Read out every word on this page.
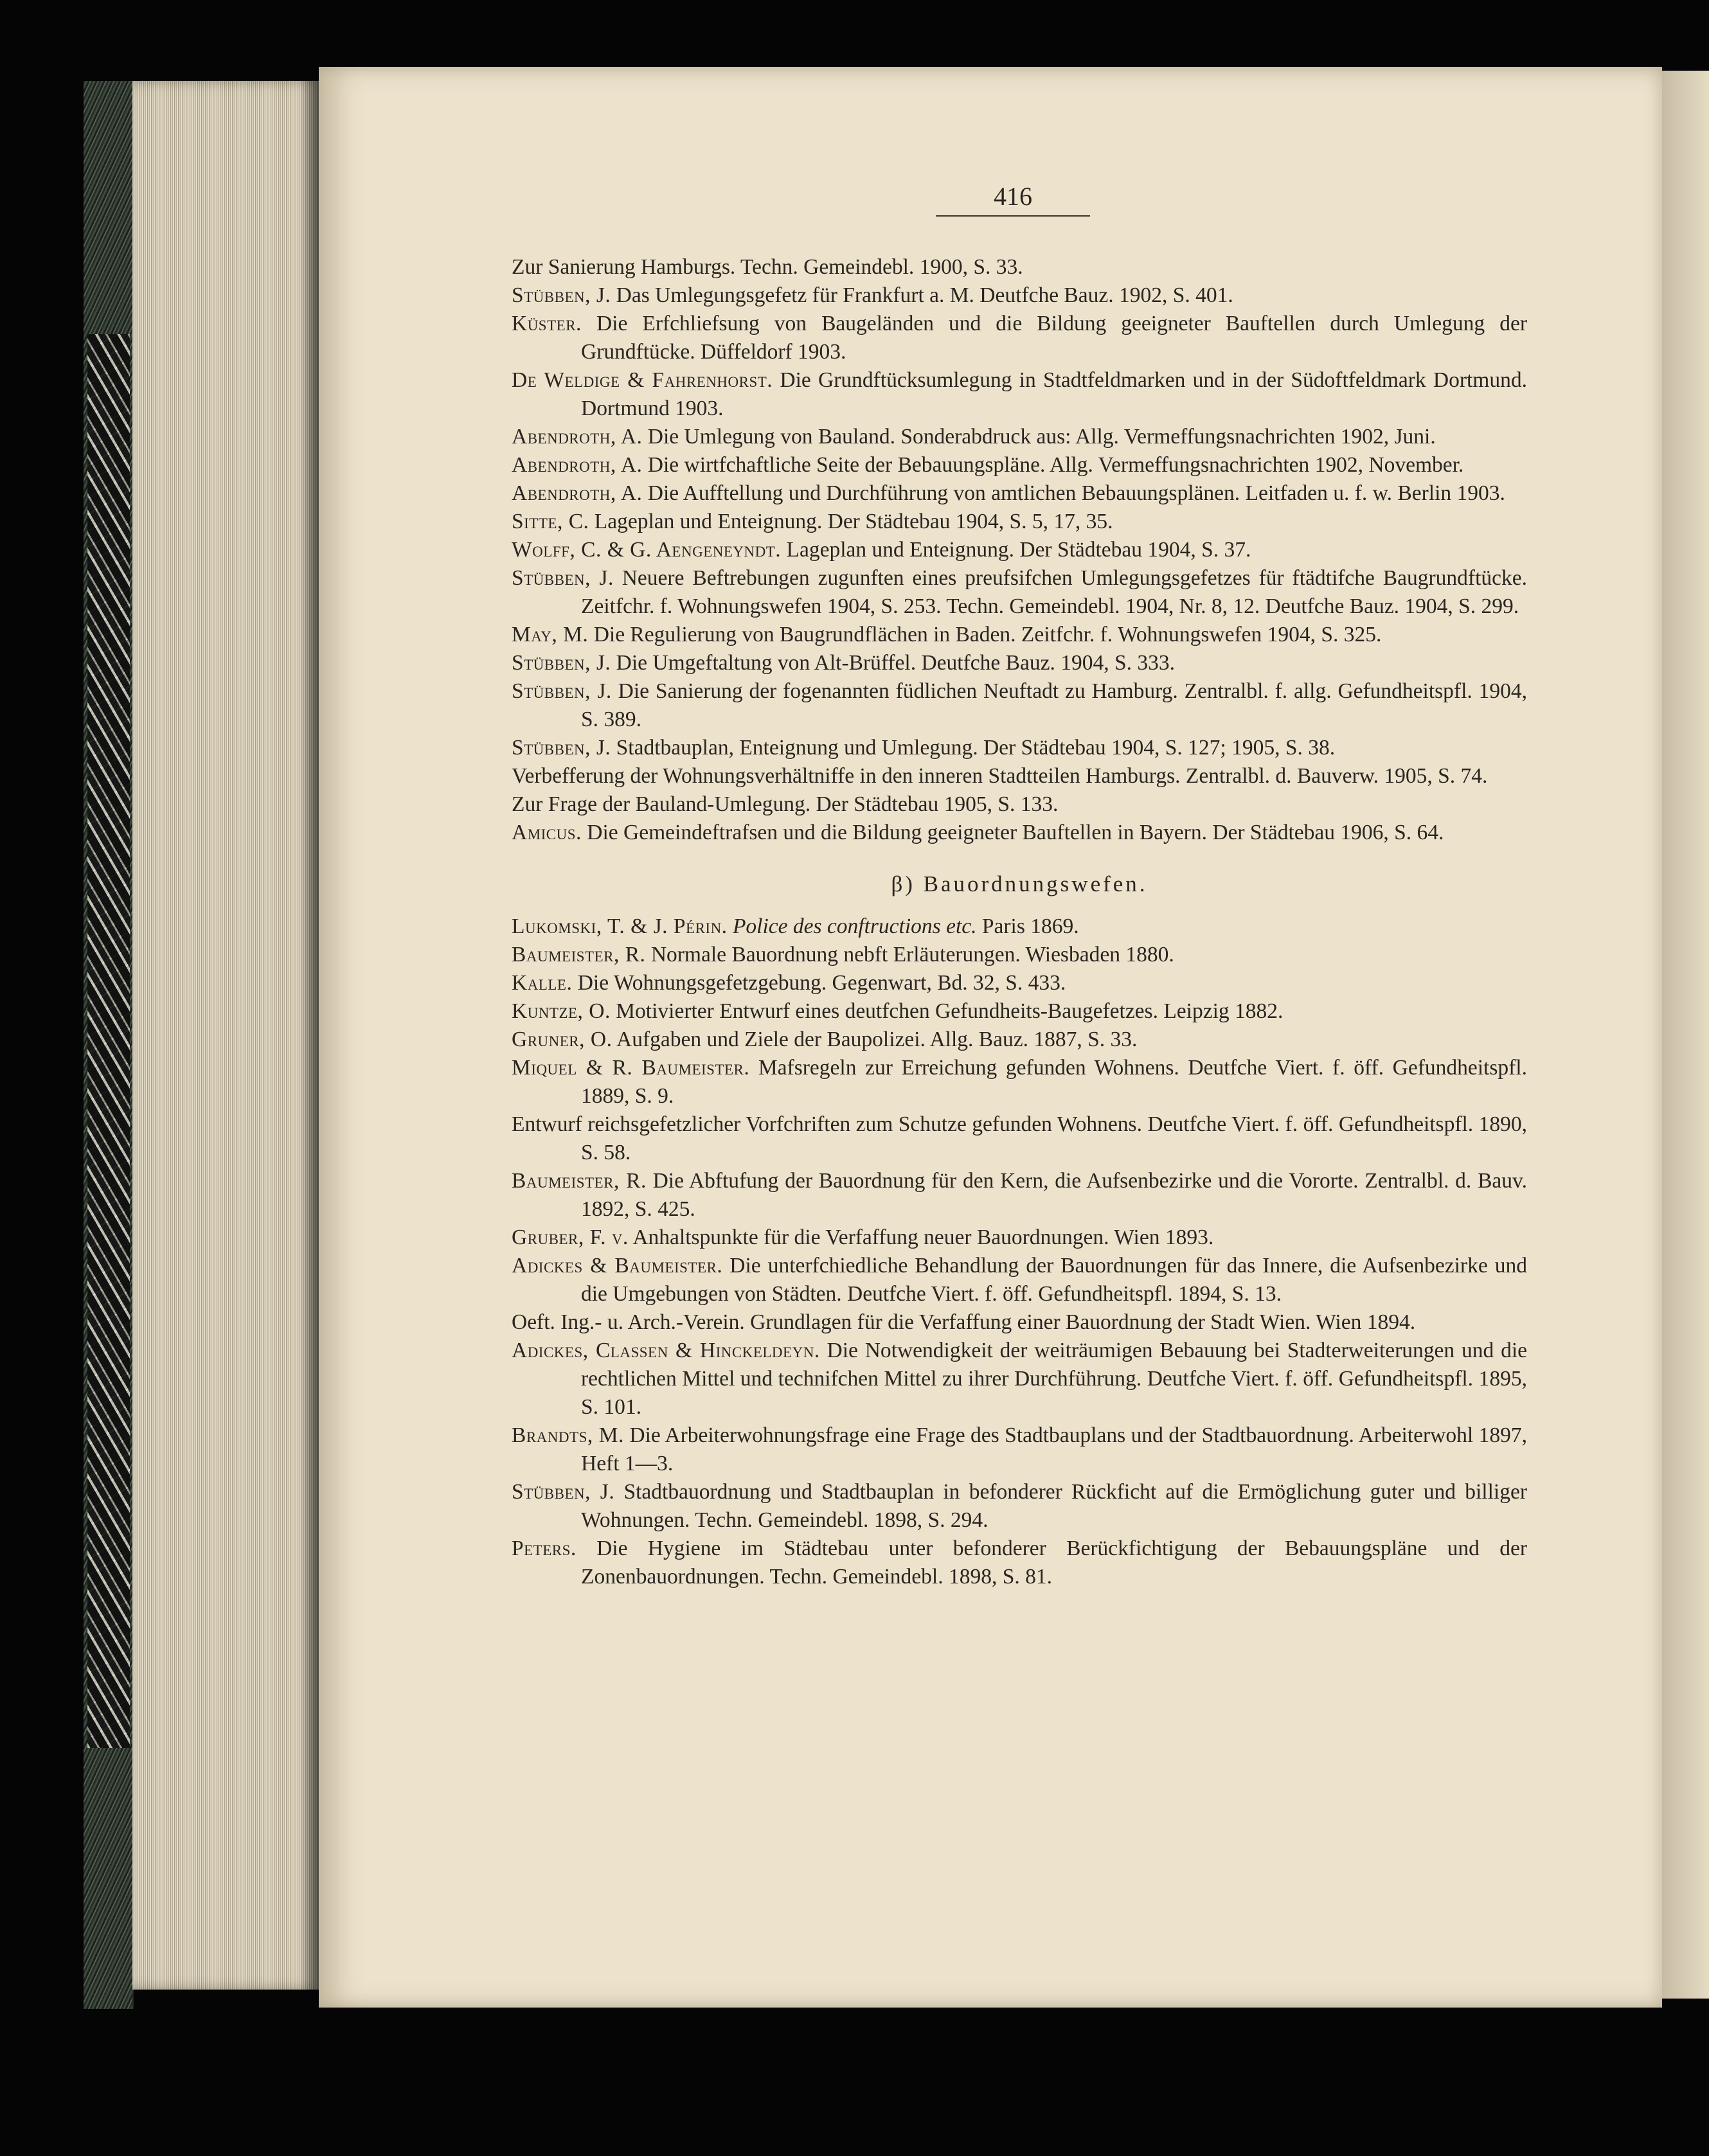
416
Zur Sanierung Hamburgs. Techn. Gemeindebl. 1900, S. 33.
Stübben, J. Das Umlegungsgefetz für Frankfurt a. M. Deutfche Bauz. 1902, S. 401.
Küster. Die Erfchliefsung von Baugeländen und die Bildung geeigneter Bauftellen durch Umlegung der Grundftücke. Düffeldorf 1903.
De Weldige & Fahrenhorst. Die Grundftücksumlegung in Stadtfeldmarken und in der Südoftfeldmark Dortmund. Dortmund 1903.
Abendroth, A. Die Umlegung von Bauland. Sonderabdruck aus: Allg. Vermeffungsnachrichten 1902, Juni.
Abendroth, A. Die wirtfchaftliche Seite der Bebauungspläne. Allg. Vermeffungsnachrichten 1902, November.
Abendroth, A. Die Aufftellung und Durchführung von amtlichen Bebauungsplänen. Leitfaden u. f. w. Berlin 1903.
Sitte, C. Lageplan und Enteignung. Der Städtebau 1904, S. 5, 17, 35.
Wolff, C. & G. Aengeneyndt. Lageplan und Enteignung. Der Städtebau 1904, S. 37.
Stübben, J. Neuere Beftrebungen zugunften eines preufsifchen Umlegungsgefetzes für ftädtifche Baugrundftücke. Zeitfchr. f. Wohnungswefen 1904, S. 253. Techn. Gemeindebl. 1904, Nr. 8, 12. Deutfche Bauz. 1904, S. 299.
May, M. Die Regulierung von Baugrundflächen in Baden. Zeitfchr. f. Wohnungswefen 1904, S. 325.
Stübben, J. Die Umgeftaltung von Alt-Brüffel. Deutfche Bauz. 1904, S. 333.
Stübben, J. Die Sanierung der fogenannten füdlichen Neuftadt zu Hamburg. Zentralbl. f. allg. Gefundheitspfl. 1904, S. 389.
Stübben, J. Stadtbauplan, Enteignung und Umlegung. Der Städtebau 1904, S. 127; 1905, S. 38.
Verbefferung der Wohnungsverhältniffe in den inneren Stadtteilen Hamburgs. Zentralbl. d. Bauverw. 1905, S. 74.
Zur Frage der Bauland-Umlegung. Der Städtebau 1905, S. 133.
Amicus. Die Gemeindeftrafsen und die Bildung geeigneter Bauftellen in Bayern. Der Städtebau 1906, S. 64.
β) Bauordnungswefen.
Lukomski, T. & J. Périn. Police des conftructions etc. Paris 1869.
Baumeister, R. Normale Bauordnung nebft Erläuterungen. Wiesbaden 1880.
Kalle. Die Wohnungsgefetzgebung. Gegenwart, Bd. 32, S. 433.
Kuntze, O. Motivierter Entwurf eines deutfchen Gefundheits-Baugefetzes. Leipzig 1882.
Gruner, O. Aufgaben und Ziele der Baupolizei. Allg. Bauz. 1887, S. 33.
Miquel & R. Baumeister. Mafsregeln zur Erreichung gefunden Wohnens. Deutfche Viert. f. öff. Gefundheitspfl. 1889, S. 9.
Entwurf reichsgefetzlicher Vorfchriften zum Schutze gefunden Wohnens. Deutfche Viert. f. öff. Gefundheitspfl. 1890, S. 58.
Baumeister, R. Die Abftufung der Bauordnung für den Kern, die Aufsenbezirke und die Vororte. Zentralbl. d. Bauv. 1892, S. 425.
Gruber, F. v. Anhaltspunkte für die Verfaffung neuer Bauordnungen. Wien 1893.
Adickes & Baumeister. Die unterfchiedliche Behandlung der Bauordnungen für das Innere, die Aufsenbezirke und die Umgebungen von Städten. Deutfche Viert. f. öff. Gefundheitspfl. 1894, S. 13.
Oeft. Ing.- u. Arch.-Verein. Grundlagen für die Verfaffung einer Bauordnung der Stadt Wien. Wien 1894.
Adickes, Classen & Hinckeldeyn. Die Notwendigkeit der weiträumigen Bebauung bei Stadterweiterungen und die rechtlichen Mittel und technifchen Mittel zu ihrer Durchführung. Deutfche Viert. f. öff. Gefundheitspfl. 1895, S. 101.
Brandts, M. Die Arbeiterwohnungsfrage eine Frage des Stadtbauplans und der Stadtbauordnung. Arbeiterwohl 1897, Heft 1—3.
Stübben, J. Stadtbauordnung und Stadtbauplan in befonderer Rückficht auf die Ermöglichung guter und billiger Wohnungen. Techn. Gemeindebl. 1898, S. 294.
Peters. Die Hygiene im Städtebau unter befonderer Berückfichtigung der Bebauungspläne und der Zonenbauordnungen. Techn. Gemeindebl. 1898, S. 81.
